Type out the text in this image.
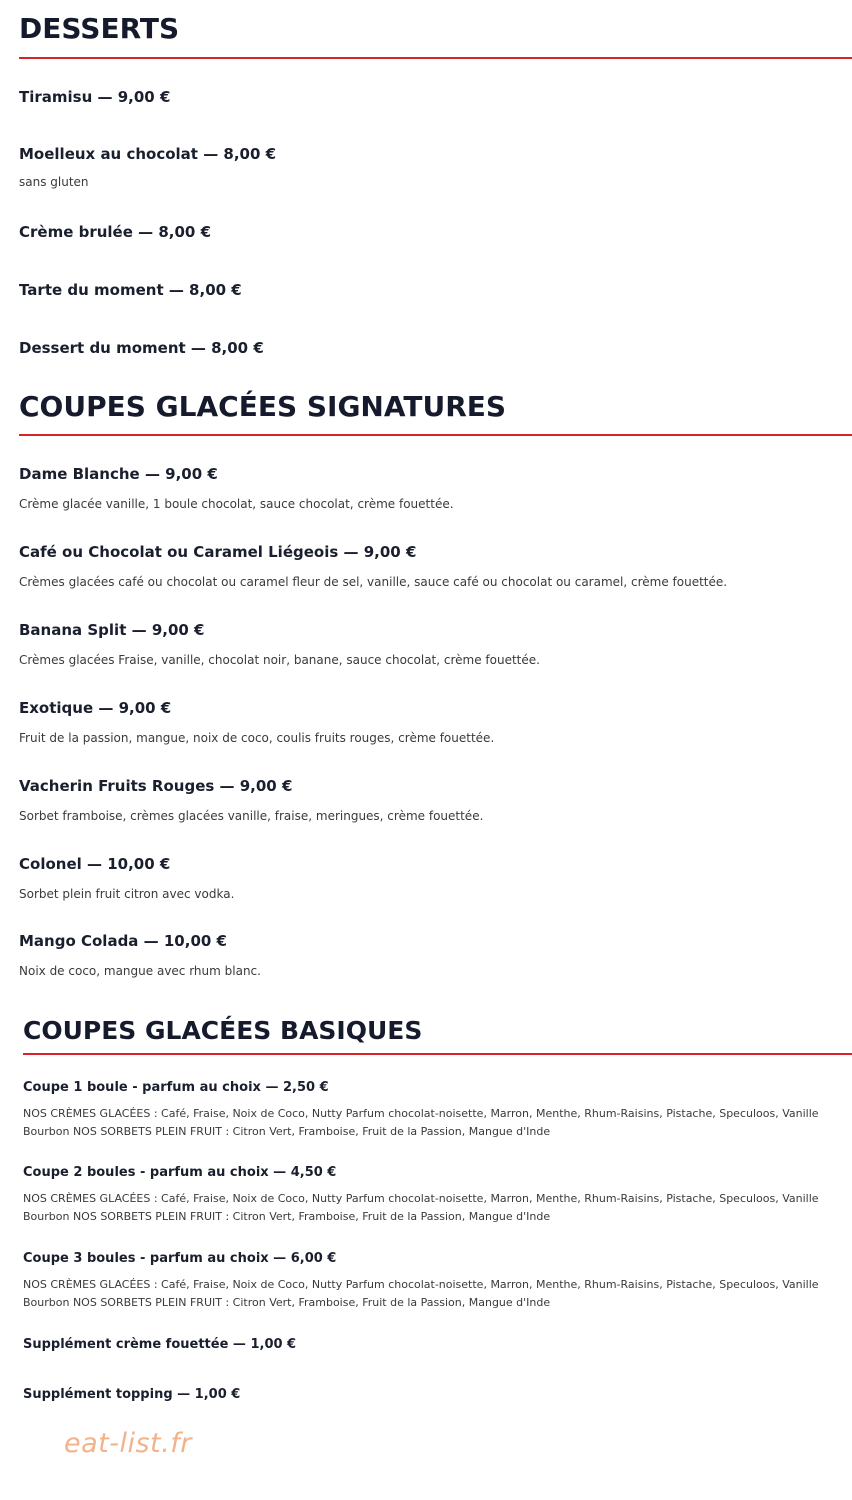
DESSERTS
Tiramisu — 9,00 €
Moelleux au chocolat — 8,00 €
sans gluten
Crème brulée — 8,00 €
Tarte du moment — 8,00 €
Dessert du moment — 8,00 €
COUPES GLACÉES SIGNATURES
Dame Blanche — 9,00 €
Crème glacée vanille, 1 boule chocolat, sauce chocolat, crème fouettée.
Café ou Chocolat ou Caramel Liégeois — 9,00 €
Crèmes glacées café ou chocolat ou caramel fleur de sel, vanille, sauce café ou chocolat ou caramel, crème fouettée.
Banana Split — 9,00 €
Crèmes glacées Fraise, vanille, chocolat noir, banane, sauce chocolat, crème fouettée.
Exotique — 9,00 €
Fruit de la passion, mangue, noix de coco, coulis fruits rouges, crème fouettée.
Vacherin Fruits Rouges — 9,00 €
Sorbet framboise, crèmes glacées vanille, fraise, meringues, crème fouettée.
Colonel — 10,00 €
Sorbet plein fruit citron avec vodka.
Mango Colada — 10,00 €
Noix de coco, mangue avec rhum blanc.
COUPES GLACÉES BASIQUES
Coupe 1 boule - parfum au choix — 2,50 €
NOS CRÈMES GLACÉES : Café, Fraise, Noix de Coco, Nutty Parfum chocolat-noisette, Marron, Menthe, Rhum-Raisins, Pistache, Speculoos, Vanille Bourbon NOS SORBETS PLEIN FRUIT : Citron Vert, Framboise, Fruit de la Passion, Mangue d'Inde
Coupe 2 boules - parfum au choix — 4,50 €
NOS CRÈMES GLACÉES : Café, Fraise, Noix de Coco, Nutty Parfum chocolat-noisette, Marron, Menthe, Rhum-Raisins, Pistache, Speculoos, Vanille Bourbon NOS SORBETS PLEIN FRUIT : Citron Vert, Framboise, Fruit de la Passion, Mangue d'Inde
Coupe 3 boules - parfum au choix — 6,00 €
NOS CRÈMES GLACÉES : Café, Fraise, Noix de Coco, Nutty Parfum chocolat-noisette, Marron, Menthe, Rhum-Raisins, Pistache, Speculoos, Vanille Bourbon NOS SORBETS PLEIN FRUIT : Citron Vert, Framboise, Fruit de la Passion, Mangue d'Inde
Supplément crème fouettée — 1,00 €
Supplément topping — 1,00 €
eat-list.fr
